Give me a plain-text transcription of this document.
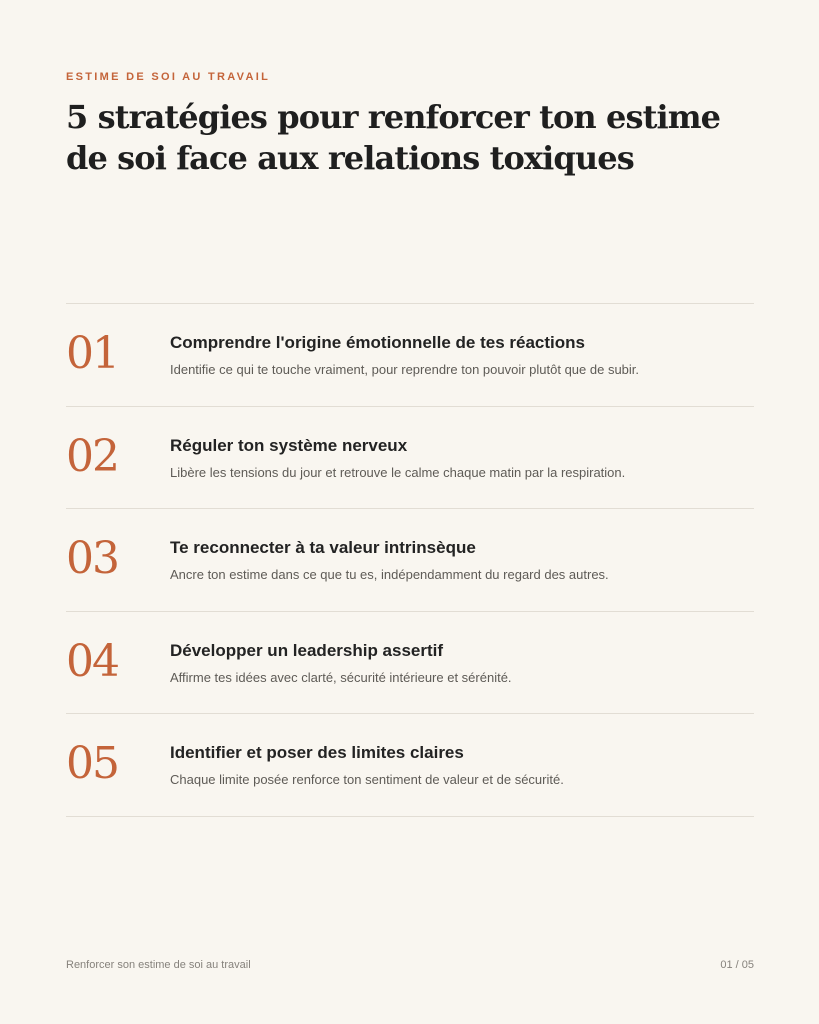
ESTIME DE SOI AU TRAVAIL
5 stratégies pour renforcer ton estime de soi face aux relations toxiques
01	Comprendre l'origine émotionnelle de tes réactions
Identifie ce qui te touche vraiment, pour reprendre ton pouvoir plutôt que de subir.
02	Réguler ton système nerveux
Libère les tensions du jour et retrouve le calme chaque matin par la respiration.
03	Te reconnecter à ta valeur intrinsèque
Ancre ton estime dans ce que tu es, indépendamment du regard des autres.
04	Développer un leadership assertif
Affirme tes idées avec clarté, sécurité intérieure et sérénité.
05	Identifier et poser des limites claires
Chaque limite posée renforce ton sentiment de valeur et de sécurité.
Renforcer son estime de soi au travail	01 / 05
